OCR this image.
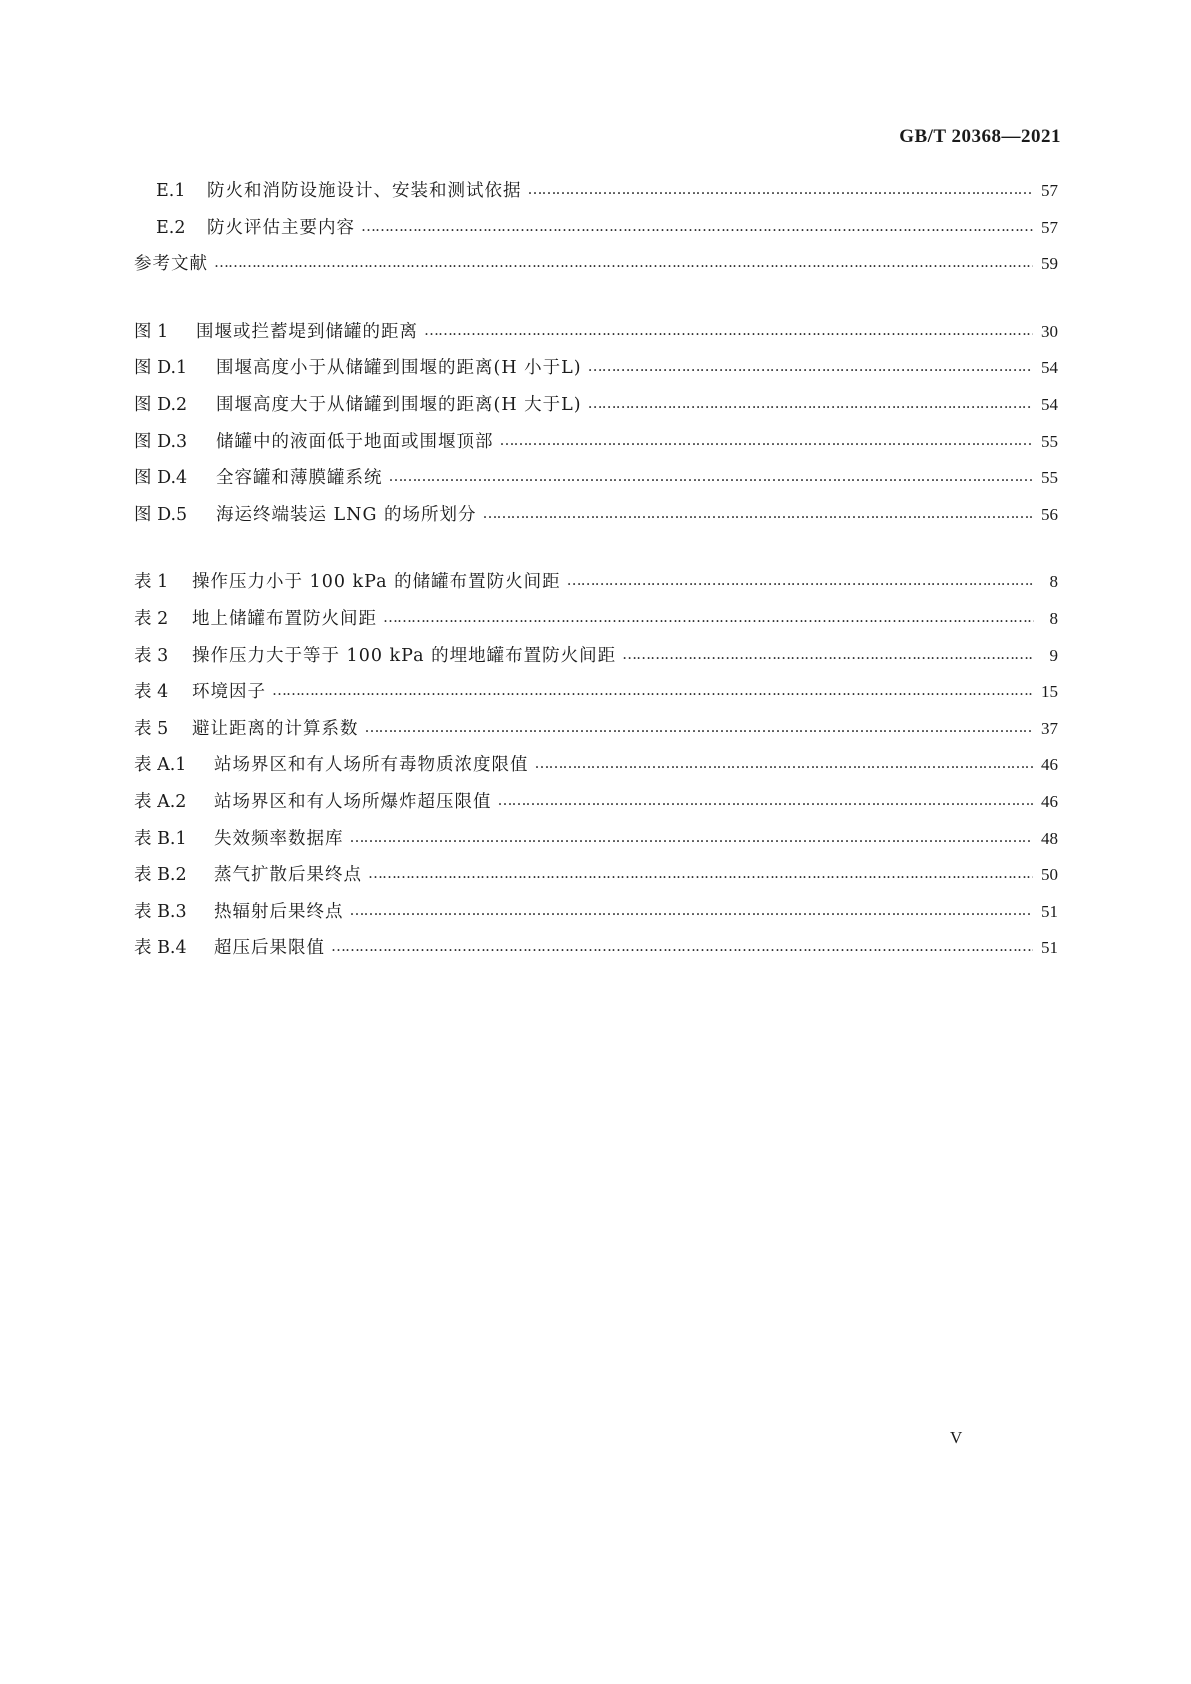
GB/T 20368—2021
E.1	防火和消防设施设计、安装和测试依据 ……………………………………………………………………………………………………………………………………………………………………………………………………………………………………………………	57
E.2	防火评估主要内容 ……………………………………………………………………………………………………………………………………………………………………………………………………………………………………………………	57
参考文献 ……………………………………………………………………………………………………………………………………………………………………………………………………………………………………………………	59
图 1	围堰或拦蓄堤到储罐的距离 ……………………………………………………………………………………………………………………………………………………………………………………………………………………………………………………	30
图 D.1	围堰高度小于从储罐到围堰的距离(H 小于L) ……………………………………………………………………………………………………………………………………………………………………………………………………………………………………………………	54
图 D.2	围堰高度大于从储罐到围堰的距离(H 大于L) ……………………………………………………………………………………………………………………………………………………………………………………………………………………………………………………	54
图 D.3	储罐中的液面低于地面或围堰顶部 ……………………………………………………………………………………………………………………………………………………………………………………………………………………………………………………	55
图 D.4	全容罐和薄膜罐系统 ……………………………………………………………………………………………………………………………………………………………………………………………………………………………………………………	55
图 D.5	海运终端装运 LNG 的场所划分 ……………………………………………………………………………………………………………………………………………………………………………………………………………………………………………………	56
表 1	操作压力小于 100 kPa 的储罐布置防火间距 ……………………………………………………………………………………………………………………………………………………………………………………………………………………………………………………	8
表 2	地上储罐布置防火间距 ……………………………………………………………………………………………………………………………………………………………………………………………………………………………………………………	8
表 3	操作压力大于等于 100 kPa 的埋地罐布置防火间距 ……………………………………………………………………………………………………………………………………………………………………………………………………………………………………………………	9
表 4	环境因子 ……………………………………………………………………………………………………………………………………………………………………………………………………………………………………………………	15
表 5	避让距离的计算系数 ……………………………………………………………………………………………………………………………………………………………………………………………………………………………………………………	37
表 A.1	站场界区和有人场所有毒物质浓度限值 ……………………………………………………………………………………………………………………………………………………………………………………………………………………………………………………	46
表 A.2	站场界区和有人场所爆炸超压限值 ……………………………………………………………………………………………………………………………………………………………………………………………………………………………………………………	46
表 B.1	失效频率数据库 ……………………………………………………………………………………………………………………………………………………………………………………………………………………………………………………	48
表 B.2	蒸气扩散后果终点 ……………………………………………………………………………………………………………………………………………………………………………………………………………………………………………………	50
表 B.3	热辐射后果终点 ……………………………………………………………………………………………………………………………………………………………………………………………………………………………………………………	51
表 B.4	超压后果限值 ……………………………………………………………………………………………………………………………………………………………………………………………………………………………………………………	51
V
